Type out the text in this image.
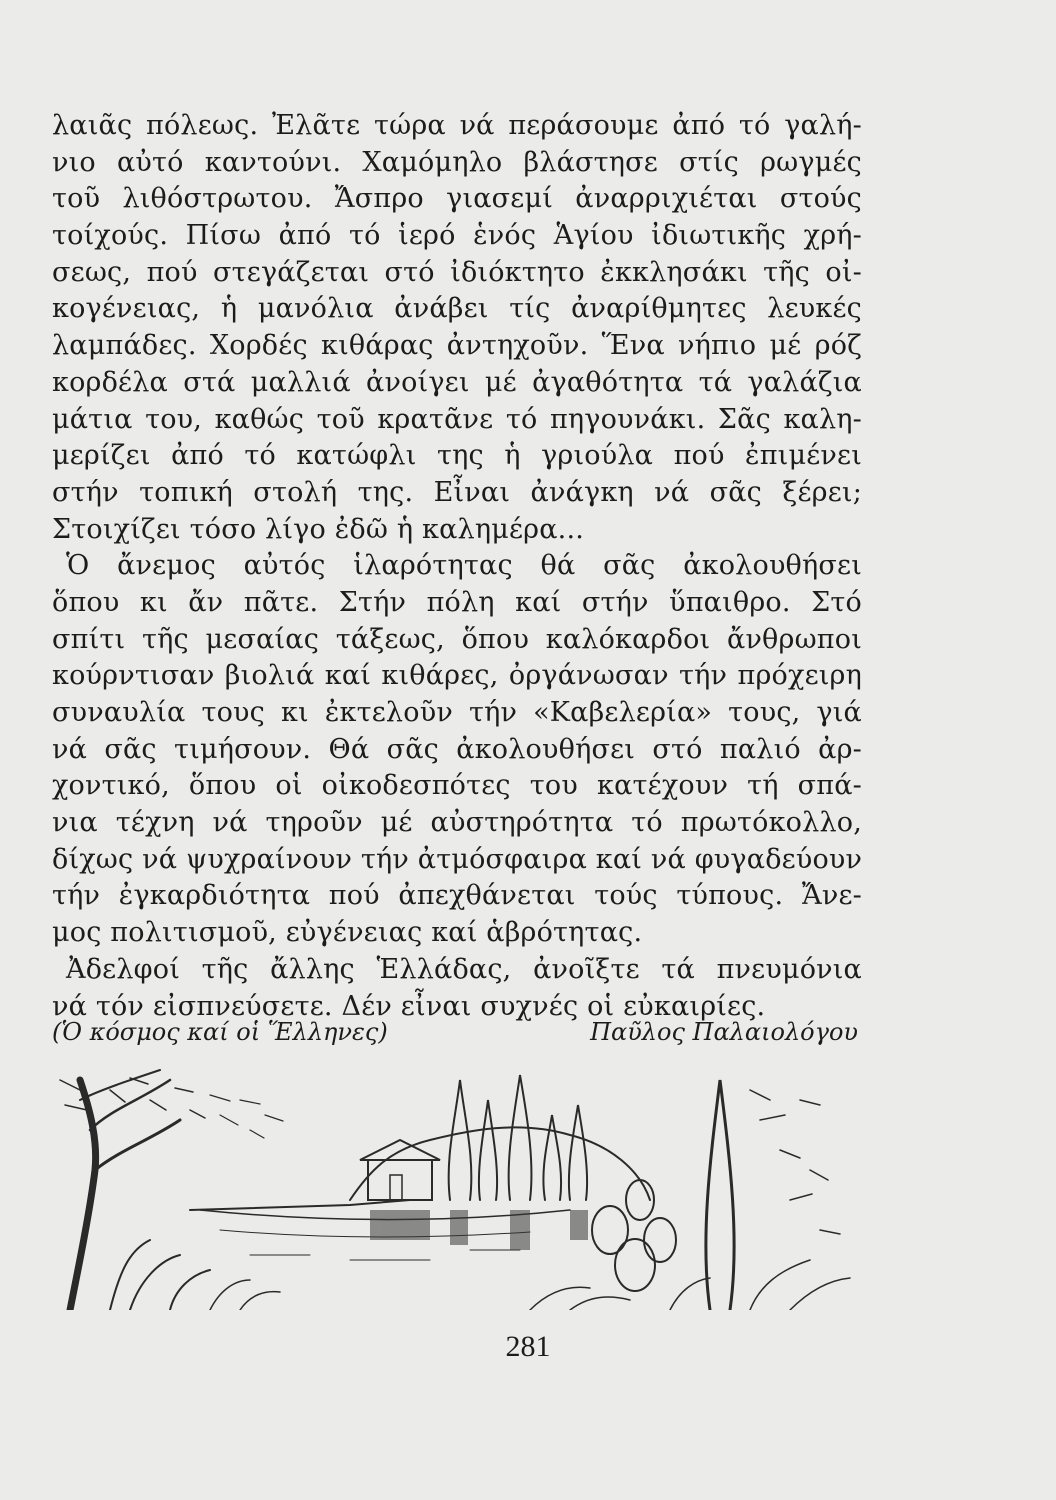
λαιᾶς πόλεως. Ἐλᾶτε τώρα νά περάσουμε ἀπό τό γαλή-
νιο αὐτό καντούνι. Χαμόμηλο βλάστησε στίς ρωγμές
τοῦ λιθόστρωτου. Ἄσπρο γιασεμί ἀναρριχιέται στούς
τοίχούς. Πίσω ἀπό τό ἱερό ἑνός Ἁγίου ἰδιωτικῆς χρή-
σεως, πού στεγάζεται στό ἰδιόκτητο ἐκκλησάκι τῆς οἰ-
κογένειας, ἡ μανόλια ἀνάβει τίς ἀναρίθμητες λευκές
λαμπάδες. Χορδές κιθάρας ἀντηχοῦν. Ἕνα νήπιο μέ ρόζ
κορδέλα στά μαλλιά ἀνοίγει μέ ἀγαθότητα τά γαλάζια
μάτια του, καθώς τοῦ κρατᾶνε τό πηγουνάκι. Σᾶς καλη-
μερίζει ἀπό τό κατώφλι της ἡ γριούλα πού ἐπιμένει
στήν τοπική στολή της. Εἶναι ἀνάγκη νά σᾶς ξέρει;
Στοιχίζει τόσο λίγο ἐδῶ ἡ καλημέρα...
Ὁ ἄνεμος αὐτός ἱλαρότητας θά σᾶς ἀκολουθήσει
ὅπου κι ἄν πᾶτε. Στήν πόλη καί στήν ὕπαιθρο. Στό
σπίτι τῆς μεσαίας τάξεως, ὅπου καλόκαρδοι ἄνθρωποι
κούρντισαν βιολιά καί κιθάρες, ὀργάνωσαν τήν πρόχειρη
συναυλία τους κι ἐκτελοῦν τήν «Καβελερία» τους, γιά
νά σᾶς τιμήσουν. Θά σᾶς ἀκολουθήσει στό παλιό ἀρ-
χοντικό, ὅπου οἱ οἰκοδεσπότες του κατέχουν τή σπά-
νια τέχνη νά τηροῦν μέ αὐστηρότητα τό πρωτόκολλο,
δίχως νά ψυχραίνουν τήν ἀτμόσφαιρα καί νά φυγαδεύουν
τήν ἐγκαρδιότητα πού ἀπεχθάνεται τούς τύπους. Ἄνε-
μος πολιτισμοῦ, εὐγένειας καί ἁβρότητας.
Ἀδελφοί τῆς ἄλλης Ἑλλάδας, ἀνοῖξτε τά πνευμόνια
νά τόν εἰσπνεύσετε. Δέν εἶναι συχνές οἱ εὐκαιρίες.
(Ὁ κόσμος καί οἱ Ἕλληνες)	Παῦλος Παλαιολόγου
281
